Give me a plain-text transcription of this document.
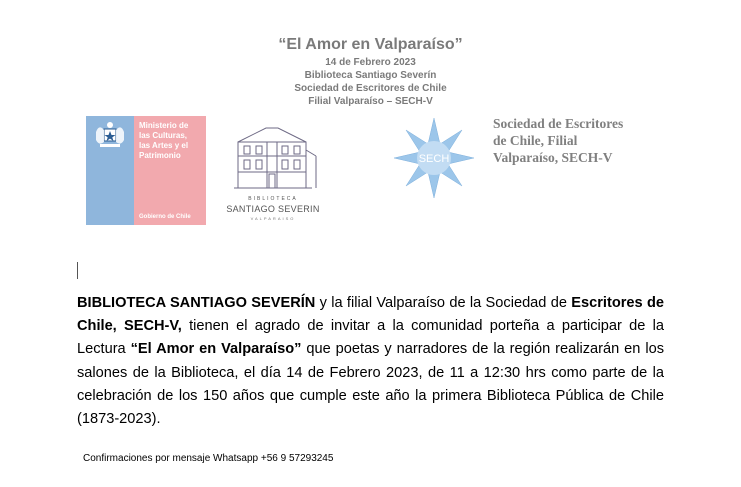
“El Amor en Valparaíso”
14 de Febrero 2023
Biblioteca Santiago Severín
Sociedad de Escritores de Chile
Filial Valparaíso – SECH-V
Ministerio de
las Culturas,
las Artes y el
Patrimonio
Gobierno de Chile
BIBLIOTECA
SANTIAGO SEVERIN
VALPARAISO
SECH
Sociedad de Escritores
de Chile, Filial
Valparaíso, SECH-V
BIBLIOTECA SANTIAGO SEVERÍN y la filial Valparaíso de la Sociedad de Escritores de Chile, SECH-V, tienen el agrado de invitar a la comunidad porteña a participar de la Lectura “El Amor en Valparaíso” que poetas y narradores de la región realizarán en los salones de la Biblioteca, el día 14 de Febrero 2023, de 11 a 12:30 hrs como parte de la celebración de los 150 años que cumple este año la primera Biblioteca Pública de Chile (1873-2023).
Confirmaciones por mensaje Whatsapp +56 9 57293245
